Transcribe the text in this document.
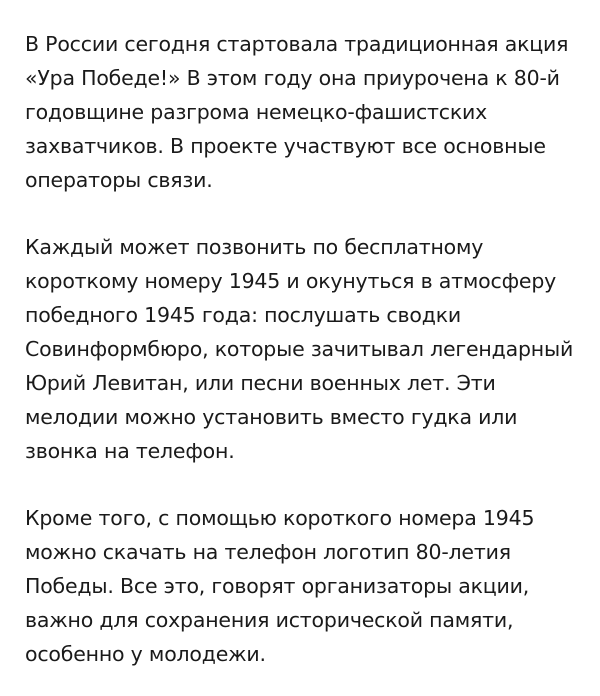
В России сегодня стартовала традиционная акция «Ура Победе!» В этом году она приурочена к 80-й годовщине разгрома немецко-фашистских захватчиков. В проекте участвуют все основные операторы связи.

Каждый может позвонить по бесплатному короткому номеру 1945 и окунуться в атмосферу победного 1945 года: послушать сводки Совинформбюро, которые зачитывал легендарный Юрий Левитан, или песни военных лет. Эти мелодии можно установить вместо гудка или звонка на телефон.

Кроме того, с помощью короткого номера 1945 можно скачать на телефон логотип 80-летия Победы. Все это, говорят организаторы акции, важно для сохранения исторической памяти, особенно у молодежи.
